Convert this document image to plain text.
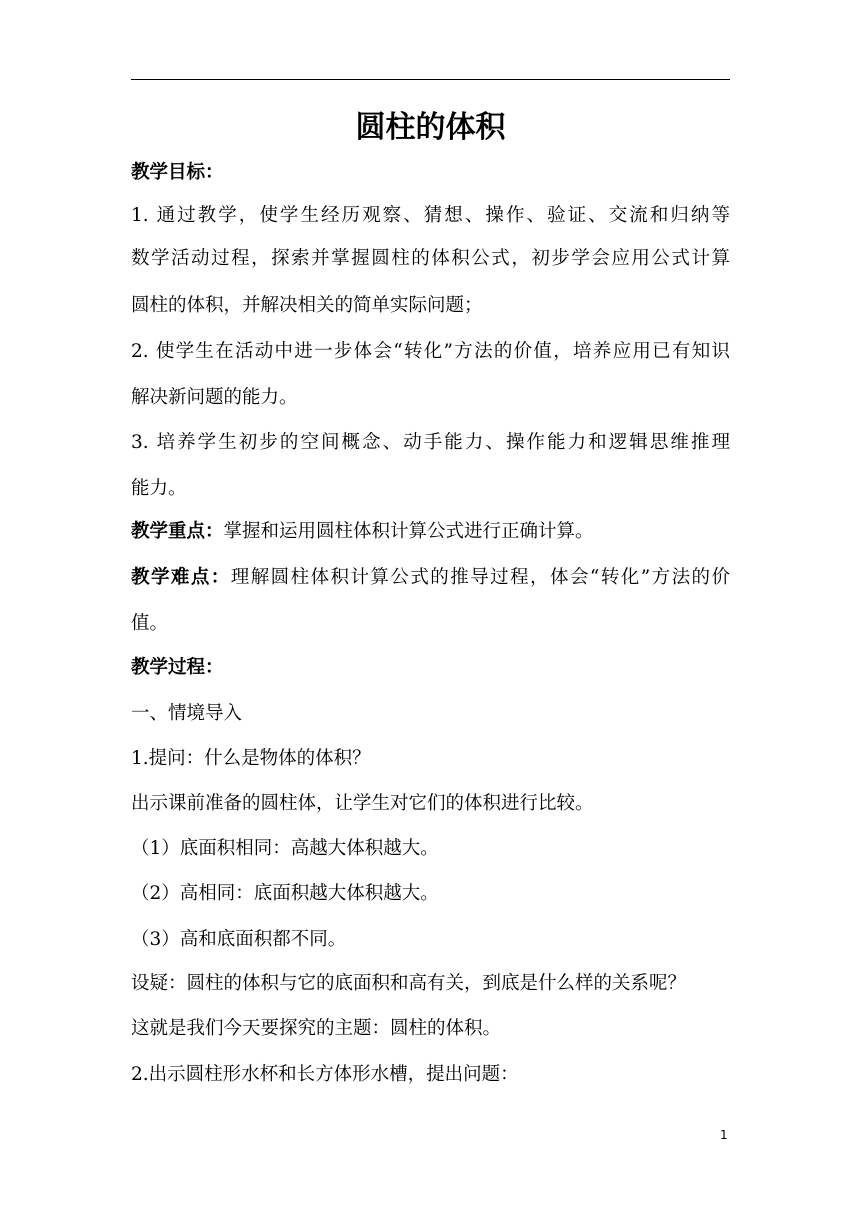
圆柱的体积
教学目标：
1. 通过教学，使学生经历观察、猜想、操作、验证、交流和归纳等
数学活动过程，探索并掌握圆柱的体积公式，初步学会应用公式计算
圆柱的体积，并解决相关的简单实际问题；
2. 使学生在活动中进一步体会“转化”方法的价值，培养应用已有知识
解决新问题的能力。
3. 培养学生初步的空间概念、动手能力、操作能力和逻辑思维推理
能力。
教学重点：掌握和运用圆柱体积计算公式进行正确计算。
教学难点：理解圆柱体积计算公式的推导过程，体会“转化”方法的价
值。
教学过程：
一、情境导入
1.提问：什么是物体的体积？
出示课前准备的圆柱体，让学生对它们的体积进行比较。
（1）底面积相同：高越大体积越大。
（2）高相同：底面积越大体积越大。
（3）高和底面积都不同。
设疑：圆柱的体积与它的底面积和高有关，到底是什么样的关系呢？
这就是我们今天要探究的主题：圆柱的体积。
2.出示圆柱形水杯和长方体形水槽，提出问题：
1
